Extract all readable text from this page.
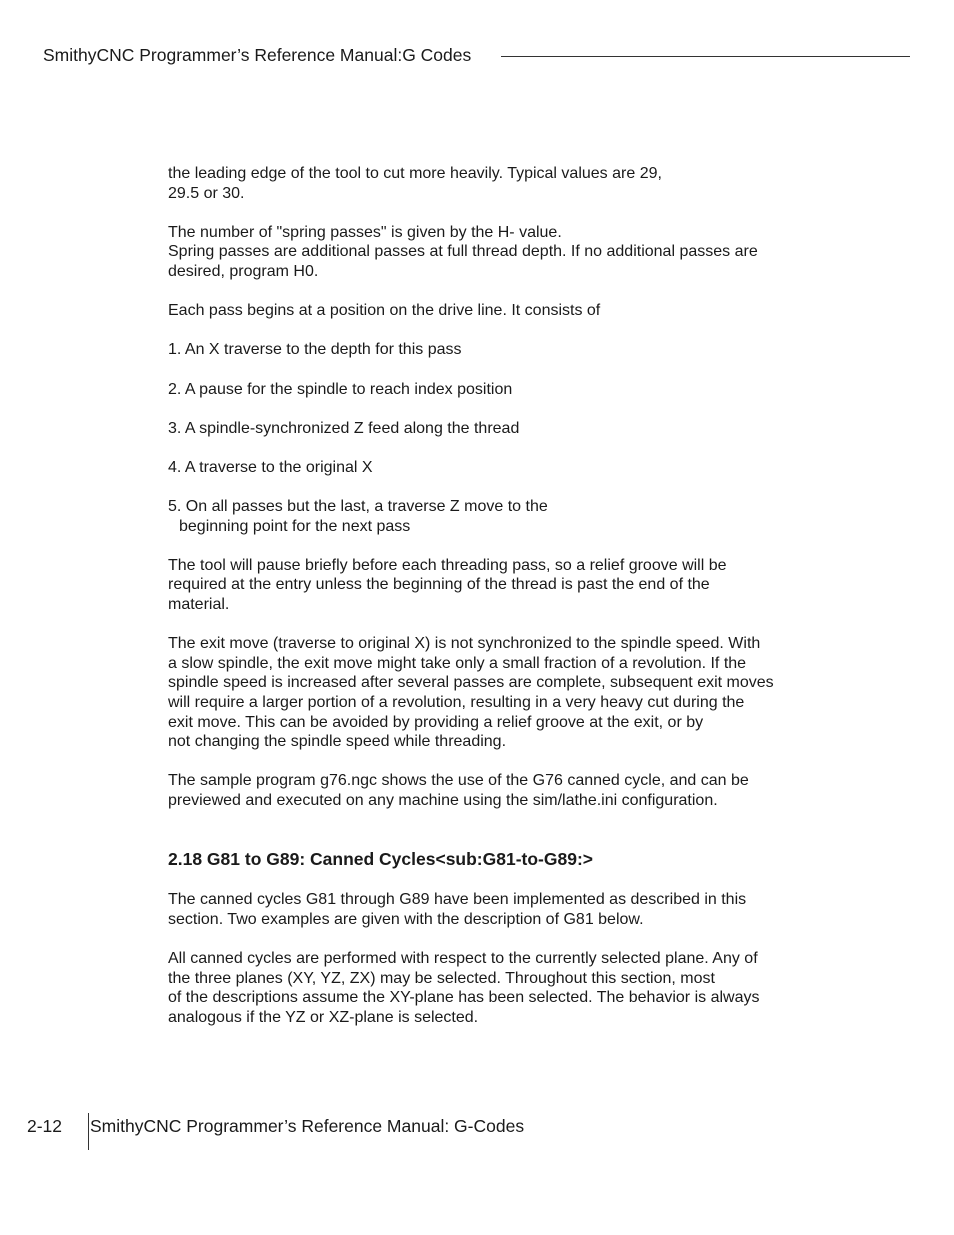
SmithyCNC Programmer’s Reference Manual:G Codes
the leading edge of the tool to cut more heavily. Typical values are 29,
29.5 or 30.
The number of "spring passes" is given by the H- value.
Spring passes are additional passes at full thread depth. If no additional passes are
desired, program H0.
Each pass begins at a position on the drive line. It consists of
1. An X traverse to the depth for this pass
2. A pause for the spindle to reach index position
3. A spindle-synchronized Z feed along the thread
4. A traverse to the original X
5. On all passes but the last, a traverse Z move to the
beginning point for the next pass
The tool will pause briefly before each threading pass, so a relief groove will be
required at the entry unless the beginning of the thread is past the end of the
material.
The exit move (traverse to original X) is not synchronized to the spindle speed. With
a slow spindle, the exit move might take only a small fraction of a revolution. If the
spindle speed is increased after several passes are complete, subsequent exit moves
will require a larger portion of a revolution, resulting in a very heavy cut during the
exit move. This can be avoided by providing a relief groove at the exit, or by
not changing the spindle speed while threading.
The sample program g76.ngc shows the use of the G76 canned cycle, and can be
previewed and executed on any machine using the sim/lathe.ini configuration.
2.18 G81 to G89: Canned Cycles<sub:G81-to-G89:>
The canned cycles G81 through G89 have been implemented as described in this
section. Two examples are given with the description of G81 below.
All canned cycles are performed with respect to the currently selected plane. Any of
the three planes (XY, YZ, ZX) may be selected. Throughout this section, most
of the descriptions assume the XY-plane has been selected. The behavior is always
analogous if the YZ or XZ-plane is selected.
2-12 SmithyCNC Programmer’s Reference Manual: G-Codes
